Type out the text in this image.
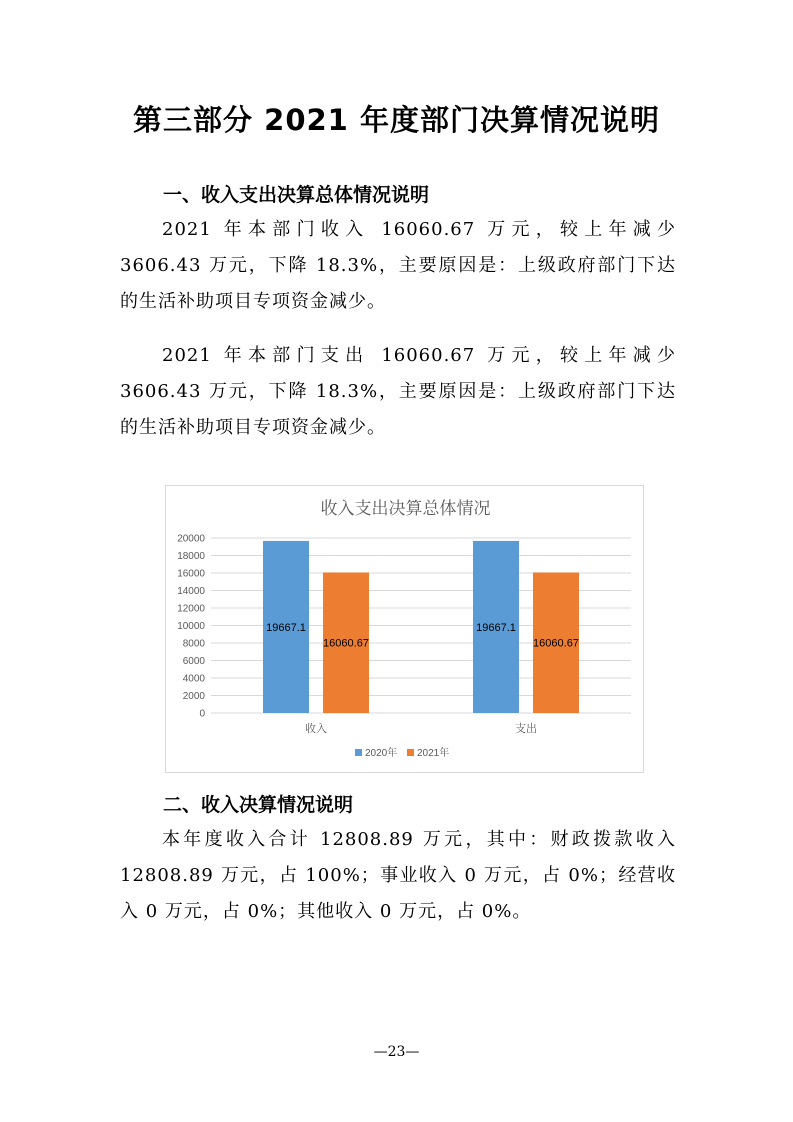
第三部分 2021 年度部门决算情况说明
一、收入支出决算总体情况说明
2021 年本部门收入 16060.67 万元，较上年减少 3606.43 万元，下降 18.3%，主要原因是：上级政府部门下达的生活补助项目专项资金减少。
2021 年本部门支出 16060.67 万元，较上年减少 3606.43 万元，下降 18.3%，主要原因是：上级政府部门下达的生活补助项目专项资金减少。
收入支出决算总体情况
0
2000
4000
6000
8000
10000
12000
14000
16000
18000
20000
19667.1
16060.67
收入
19667.1
16060.67
支出
2020年 2021年
二、收入决算情况说明
本年度收入合计 12808.89 万元，其中：财政拨款收入 12808.89 万元，占 100%；事业收入 0 万元，占 0%；经营收入 0 万元，占 0%；其他收入 0 万元，占 0%。
—23—
